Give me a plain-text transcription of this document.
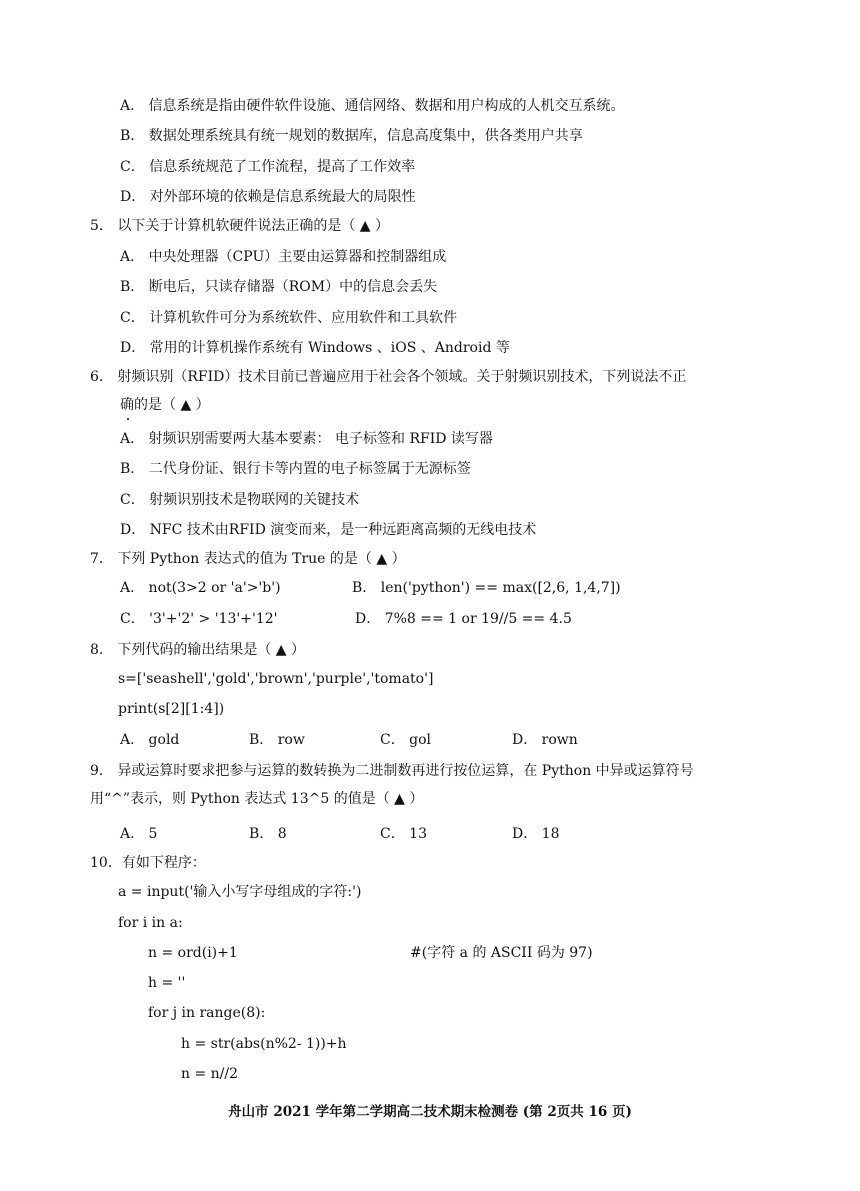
A． 信息系统是指由硬件软件设施、通信网络、数据和用户构成的人机交互系统。
B． 数据处理系统具有统一规划的数据库，信息高度集中，供各类用户共享
C． 信息系统规范了工作流程，提高了工作效率
D． 对外部环境的依赖是信息系统最大的局限性
5． 以下关于计算机软硬件说法正确的是（ ▲ ）
A． 中央处理器（CPU）主要由运算器和控制器组成
B． 断电后，只读存储器（ROM）中的信息会丢失
C． 计算机软件可分为系统软件、应用软件和工具软件
D． 常用的计算机操作系统有 Windows 、iOS 、Android 等
6． 射频识别（RFID）技术目前已普遍应用于社会各个领域。关于射频识别技术，下列说法不正
确的是（ ▲ ）
A． 射频识别需要两大基本要素： 电子标签和 RFID 读写器
B． 二代身份证、银行卡等内置的电子标签属于无源标签
C． 射频识别技术是物联网的关键技术
D． NFC 技术由RFID 演变而来，是一种远距离高频的无线电技术
7． 下列 Python 表达式的值为 True 的是（ ▲ ）
A． not(3>2 or 'a'>'b')	B． len('python') == max([2,6, 1,4,7])
C． '3'+'2' > '13'+'12'	D． 7%8 == 1 or 19//5 == 4.5
8． 下列代码的输出结果是（ ▲ ）
s=['seashell','gold','brown','purple','tomato']
print(s[2][1:4])
A． gold	B． row	C． gol	D． rown
9． 异或运算时要求把参与运算的数转换为二进制数再进行按位运算，在 Python 中异或运算符号
用“^”表示，则 Python 表达式 13^5 的值是（ ▲ ）
A． 5	B． 8	C． 13	D． 18
10．有如下程序：
a = input('输入小写字母组成的字符:')
for i in a:
n = ord(i)+1	#(字符 a 的 ASCII 码为 97)
h = ''
for j in range(8):
h = str(abs(n%2- 1))+h
n = n//2
舟山市 2021 学年第二学期高二技术期末检测卷 (第 2页共 16 页)
